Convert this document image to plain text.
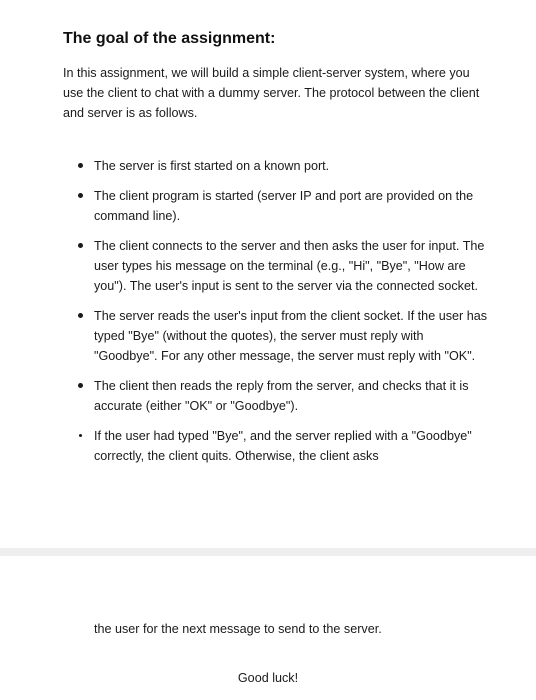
The goal of the assignment:
In this assignment, we will build a simple client-server system, where you use the client to chat with a dummy server. The protocol between the client and server is as follows.
The server is first started on a known port.
The client program is started (server IP and port are provided on the command line).
The client connects to the server and then asks the user for input. The user types his message on the terminal (e.g., "Hi", "Bye", "How are you"). The user's input is sent to the server via the connected socket.
The server reads the user's input from the client socket. If the user has typed "Bye" (without the quotes), the server must reply with "Goodbye". For any other message, the server must reply with "OK".
The client then reads the reply from the server, and checks that it is accurate (either "OK" or "Goodbye").
If the user had typed "Bye", and the server replied with a "Goodbye" correctly, the client quits. Otherwise, the client asks
the user for the next message to send to the server.
Good luck!
